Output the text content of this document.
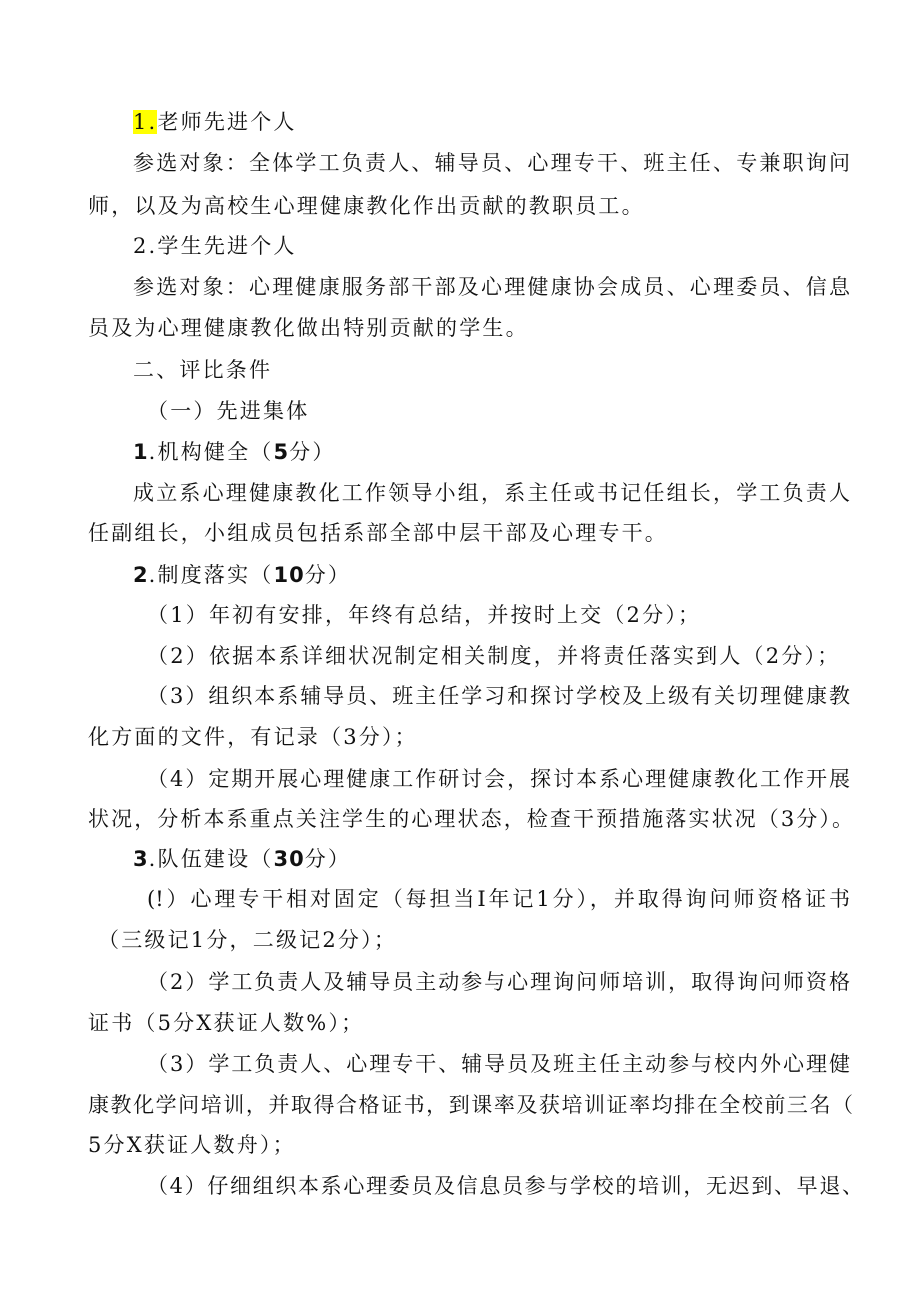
1.老师先进个人
参选对象：全体学工负责人、辅导员、心理专干、班主任、专兼职询问
师，以及为高校生心理健康教化作出贡献的教职员工。
2.学生先进个人
参选对象：心理健康服务部干部及心理健康协会成员、心理委员、信息
员及为心理健康教化做出特别贡献的学生。
二、评比条件
（一）先进集体
1.机构健全（5分）
成立系心理健康教化工作领导小组，系主任或书记任组长，学工负责人
任副组长，小组成员包括系部全部中层干部及心理专干。
2.制度落实（10分）
（1）年初有安排，年终有总结，并按时上交（2分）；
（2）依据本系详细状况制定相关制度，并将责任落实到人（2分）；
（3）组织本系辅导员、班主任学习和探讨学校及上级有关切理健康教
化方面的文件，有记录（3分）；
（4）定期开展心理健康工作研讨会，探讨本系心理健康教化工作开展
状况，分析本系重点关注学生的心理状态，检查干预措施落实状况（3分）。
3.队伍建设（30分）
(!）心理专干相对固定（每担当I年记1分），并取得询问师资格证书
（三级记1分，二级记2分）；
（2）学工负责人及辅导员主动参与心理询问师培训，取得询问师资格
证书（5分X获证人数%）；
（3）学工负责人、心理专干、辅导员及班主任主动参与校内外心理健
康教化学问培训，并取得合格证书，到课率及获培训证率均排在全校前三名（
5分X获证人数舟）；
（4）仔细组织本系心理委员及信息员参与学校的培训，无迟到、早退、
